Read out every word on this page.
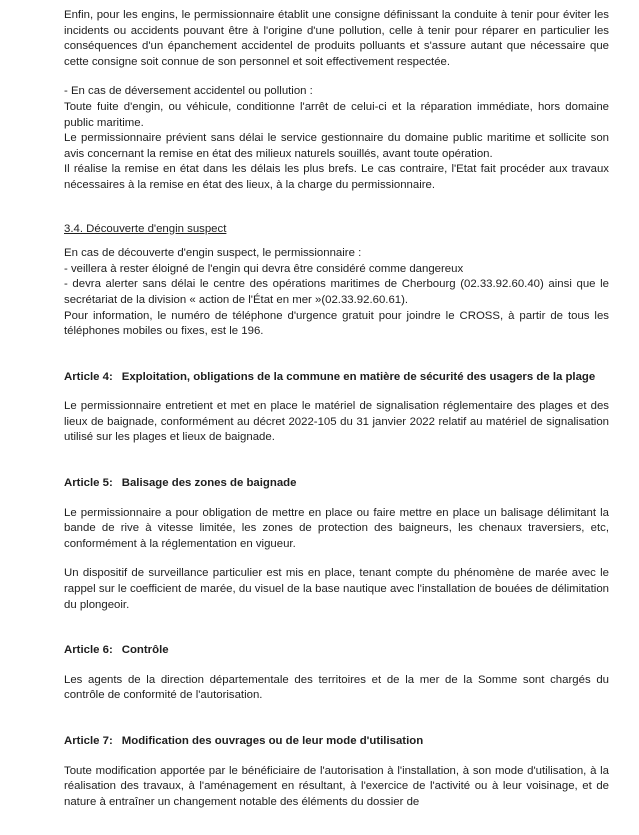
Enfin, pour les engins, le permissionnaire établit une consigne définissant la conduite à tenir pour éviter les incidents ou accidents pouvant être à l'origine d'une pollution, celle à tenir pour réparer en particulier les conséquences d'un épanchement accidentel de produits polluants et s'assure autant que nécessaire que cette consigne soit connue de son personnel et soit effectivement respectée.

- En cas de déversement accidentel ou pollution :

Toute fuite d'engin, ou véhicule, conditionne l'arrêt de celui-ci et la réparation immédiate, hors domaine public maritime.

Le permissionnaire prévient sans délai le service gestionnaire du domaine public maritime et sollicite son avis concernant la remise en état des milieux naturels souillés, avant toute opération.

Il réalise la remise en état dans les délais les plus brefs. Le cas contraire, l'Etat fait procéder aux travaux nécessaires à la remise en état des lieux, à la charge du permissionnaire.

3.4. Découverte d'engin suspect

En cas de découverte d'engin suspect, le permissionnaire :

- veillera à rester éloigné de l'engin qui devra être considéré comme dangereux

- devra alerter sans délai le centre des opérations maritimes de Cherbourg (02.33.92.60.40) ainsi que le secrétariat de la division « action de l'État en mer »(02.33.92.60.61).

Pour information, le numéro de téléphone d'urgence gratuit pour joindre le CROSS, à partir de tous les téléphones mobiles ou fixes, est le 196.

Article 4: Exploitation, obligations de la commune en matière de sécurité des usagers de la plage

Le permissionnaire entretient et met en place le matériel de signalisation réglementaire des plages et des lieux de baignade, conformément au décret 2022-105 du 31 janvier 2022 relatif au matériel de signalisation utilisé sur les plages et lieux de baignade.

Article 5: Balisage des zones de baignade

Le permissionnaire a pour obligation de mettre en place ou faire mettre en place un balisage délimitant la bande de rive à vitesse limitée, les zones de protection des baigneurs, les chenaux traversiers, etc, conformément à la réglementation en vigueur.

Un dispositif de surveillance particulier est mis en place, tenant compte du phénomène de marée avec le rappel sur le coefficient de marée, du visuel de la base nautique avec l'installation de bouées de délimitation du plongeoir.

Article 6: Contrôle

Les agents de la direction départementale des territoires et de la mer de la Somme sont chargés du contrôle de conformité de l'autorisation.

Article 7: Modification des ouvrages ou de leur mode d'utilisation

Toute modification apportée par le bénéficiaire de l'autorisation à l'installation, à son mode d'utilisation, à la réalisation des travaux, à l'aménagement en résultant, à l'exercice de l'activité ou à leur voisinage, et de nature à entraîner un changement notable des éléments du dossier de
